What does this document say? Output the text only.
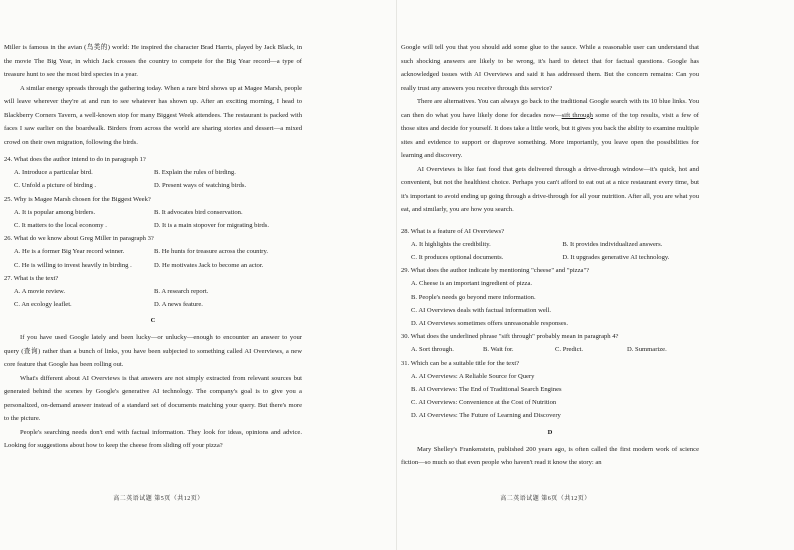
Miller is famous in the avian (鸟类的) world: He inspired the character Brad Harris, played by Jack Black, in the movie The Big Year, in which Jack crosses the country to compete for the Big Year record—a type of treasure hunt to see the most bird species in a year.

A similar energy spreads through the gathering today. When a rare bird shows up at Magee Marsh, people will leave wherever they're at and run to see whatever has shown up. After an exciting morning, I head to Blackberry Corners Tavern, a well-known stop for many Biggest Week attendees. The restaurant is packed with faces I saw earlier on the boardwalk. Birders from across the world are sharing stories and dessert—a mixed crowd on their own migration, following the birds.

24. What does the author intend to do in paragraph 1?

A. Introduce a particular bird.	B. Explain the rules of birding.
C. Unfold a picture of birding .	D. Present ways of watching birds.

25. Why is Magee Marsh chosen for the Biggest Week?

A. It is popular among birders.	B. It advocates bird conservation.
C. It matters to the local economy .	D. It is a main stopover for migrating birds.

26. What do we know about Greg Miller in paragraph 3?

A. He is a former Big Year record winner.	B. He hunts for treasure across the country.
C. He is willing to invest heavily in birding .	D. He motivates Jack to become an actor.

27. What is the text?

A. A movie review.	B. A research report.
C. An ecology leaflet.	D. A news feature.

C

If you have used Google lately and been lucky—or unlucky—enough to encounter an answer to your query (查询) rather than a bunch of links, you have been subjected to something called AI Overviews, a new core feature that Google has been rolling out.

What's different about AI Overviews is that answers are not simply extracted from relevant sources but generated behind the scenes by Google's generative AI technology. The company's goal is to give you a personalized, on-demand answer instead of a standard set of documents matching your query. But there's more to the picture.

People's searching needs don't end with factual information. They look for ideas, opinions and advice. Looking for suggestions about how to keep the cheese from sliding off your pizza?

高二英语试题 第5页（共12页）

Google will tell you that you should add some glue to the sauce. While a reasonable user can understand that such shocking answers are likely to be wrong, it's hard to detect that for factual questions. Google has acknowledged issues with AI Overviews and said it has addressed them. But the concern remains: Can you really trust any answers you receive through this service?

There are alternatives. You can always go back to the traditional Google search with its 10 blue links. You can then do what you have likely done for decades now—sift through some of the top results, visit a few of those sites and decide for yourself. It does take a little work, but it gives you back the ability to examine multiple sites and evidence to support or disprove something. More importantly, you leave open the possibilities for learning and discovery.

AI Overviews is like fast food that gets delivered through a drive-through window—it's quick, hot and convenient, but not the healthiest choice. Perhaps you can't afford to eat out at a nice restaurant every time, but it's important to avoid ending up going through a drive-through for all your nutrition. After all, you are what you eat, and similarly, you are how you search.

28. What is a feature of AI Overviews?

A. It highlights the credibility.	B. It provides individualized answers.
C. It produces optional documents.	D. It upgrades generative AI technology.

29. What does the author indicate by mentioning "cheese" and "pizza"?

A. Cheese is an important ingredient of pizza.

B. People's needs go beyond mere information.

C. AI Overviews deals with factual information well.

D. AI Overviews sometimes offers unreasonable responses.

30. What does the underlined phrase "sift through" probably mean in paragraph 4?

A. Sort through.	B. Wait for.	C. Predict.	D. Summarize.

31. Which can be a suitable title for the text?

A. AI Overviews: A Reliable Source for Query

B. AI Overviews: The End of Traditional Search Engines

C. AI Overviews: Convenience at the Cost of Nutrition

D. AI Overviews: The Future of Learning and Discovery

D

Mary Shelley's Frankenstein, published 200 years ago, is often called the first modern work of science fiction—so much so that even people who haven't read it know the story: an

高二英语试题 第6页（共12页）
